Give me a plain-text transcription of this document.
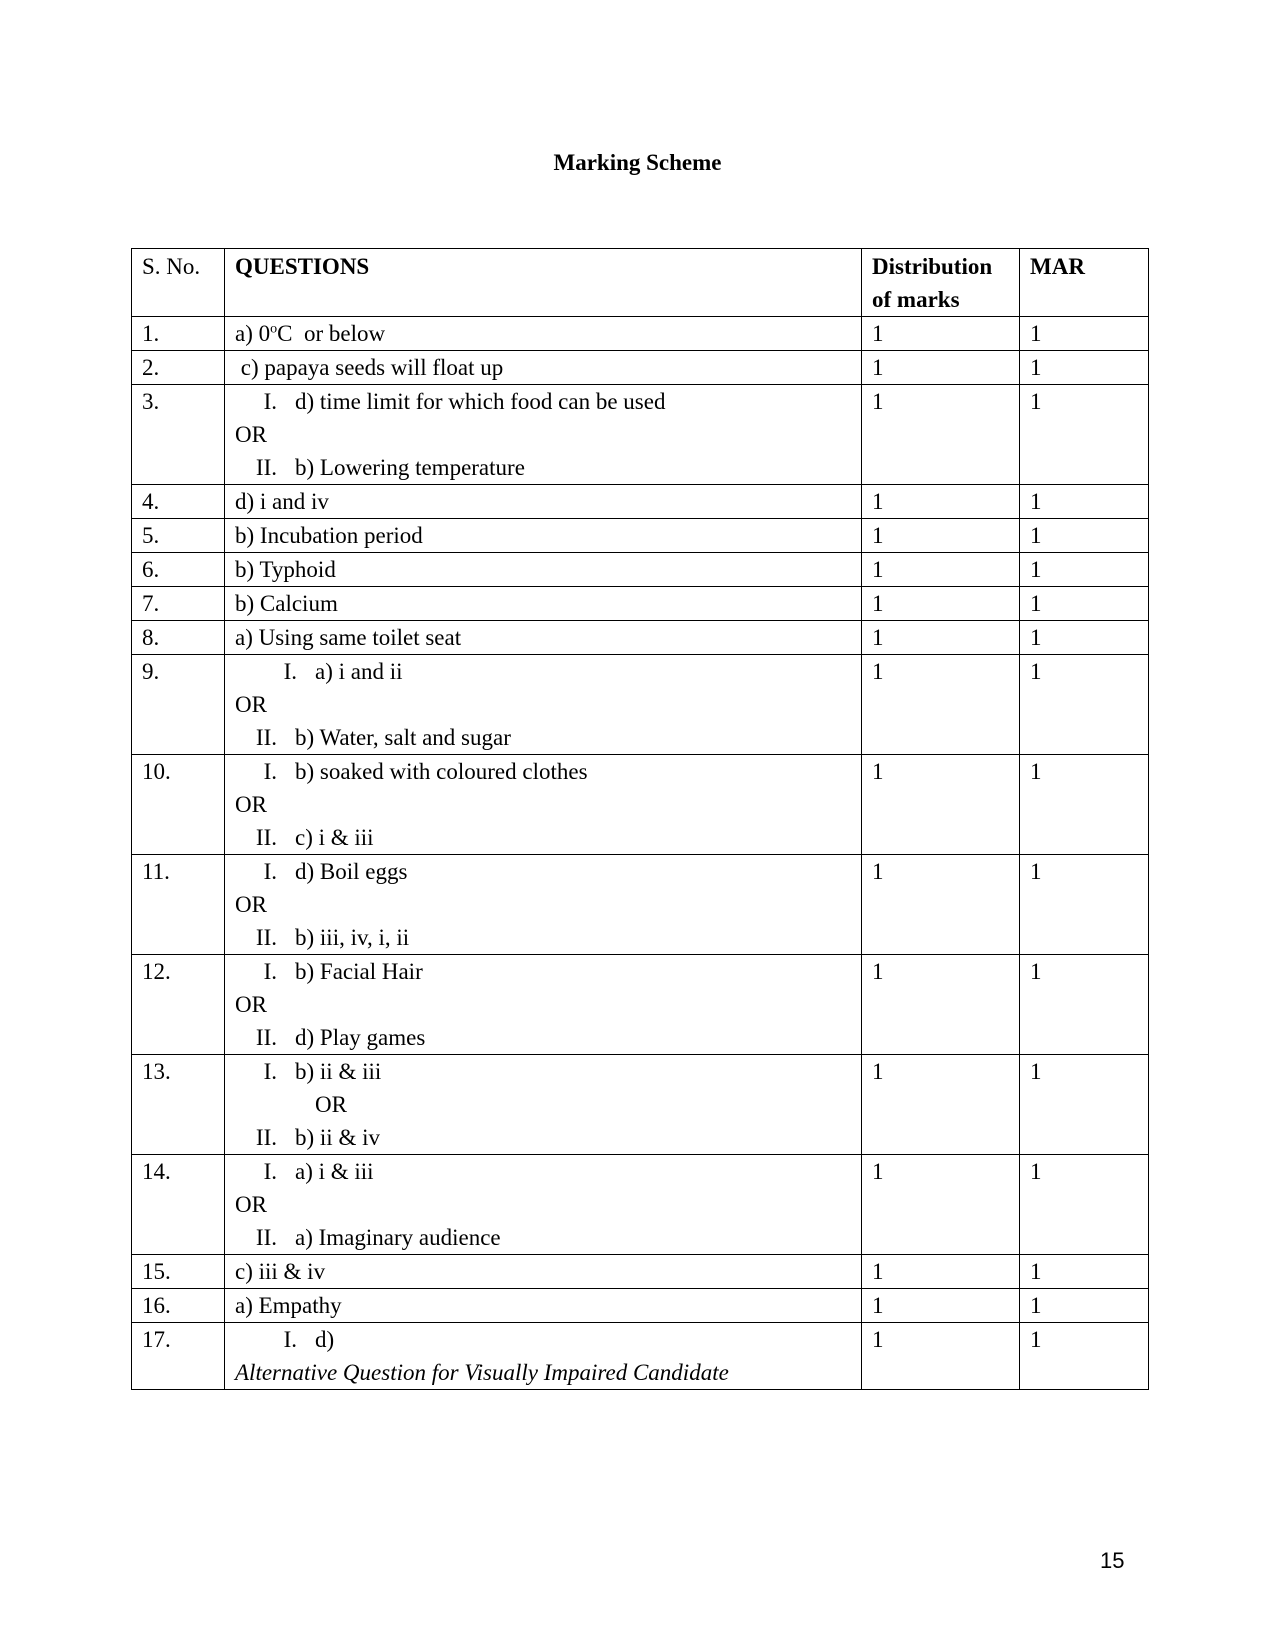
Marking Scheme
S. No.	QUESTIONS	Distribution of marks	MAR
1.	a) 0$^o$C  or below	1	1
2.	c) papaya seeds will float up	1	1
3.	I. d) time limit for which food can be used
OR
II. b) Lowering temperature	1	1
4.	d) i and iv	1	1
5.	b) Incubation period	1	1
6.	b) Typhoid	1	1
7.	b) Calcium	1	1
8.	a) Using same toilet seat	1	1
9.	I. a) i and ii
OR
II. b) Water, salt and sugar	1	1
10.	I. b) soaked with coloured clothes
OR
II. c) i & iii	1	1
11.	I. d) Boil eggs
OR
II. b) iii, iv, i, ii	1	1
12.	I. b) Facial Hair
OR
II. d) Play games	1	1
13.	I. b) ii & iii
OR
II. b) ii & iv	1	1
14.	I. a) i & iii
OR
II. a) Imaginary audience	1	1
15.	c) iii & iv	1	1
16.	a) Empathy	1	1
17.	I. d)
Alternative Question for Visually Impaired Candidate	1	1
15
